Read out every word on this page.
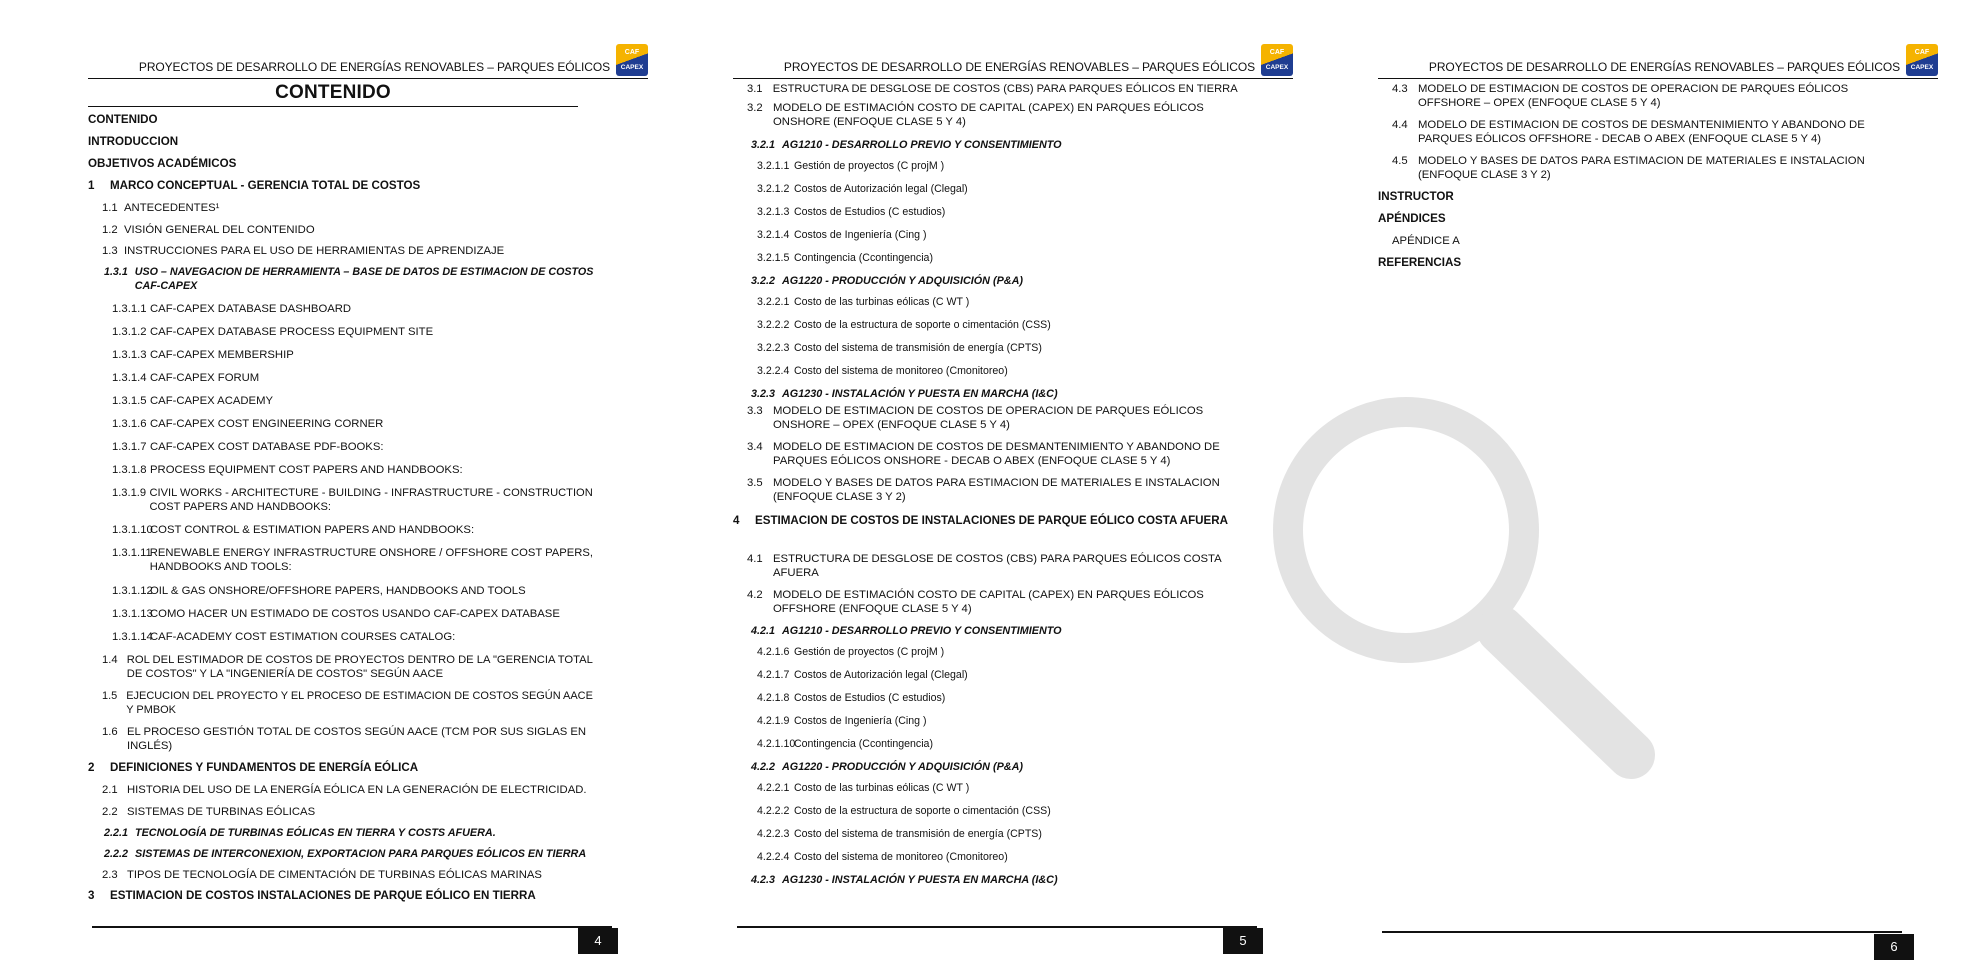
PROYECTOS DE DESARROLLO DE ENERGÍAS RENOVABLES – PARQUES EÓLICOS
CAF
CAPEX
CONTENIDO
CONTENIDO
INTRODUCCION
OBJETIVOS ACADÉMICOS
1 MARCO CONCEPTUAL - GERENCIA TOTAL DE COSTOS
1.1 ANTECEDENTES¹
1.2 VISIÓN GENERAL DEL CONTENIDO
1.3 INSTRUCCIONES PARA EL USO DE HERRAMIENTAS DE APRENDIZAJE
1.3.1 USO – NAVEGACION DE HERRAMIENTA – BASE DE DATOS DE ESTIMACION DE COSTOS
CAF-CAPEX
1.3.1.1 CAF-CAPEX DATABASE DASHBOARD
1.3.1.2 CAF-CAPEX DATABASE PROCESS EQUIPMENT SITE
1.3.1.3 CAF-CAPEX MEMBERSHIP
1.3.1.4 CAF-CAPEX FORUM
1.3.1.5 CAF-CAPEX ACADEMY
1.3.1.6 CAF-CAPEX COST ENGINEERING CORNER
1.3.1.7 CAF-CAPEX COST DATABASE PDF-BOOKS:
1.3.1.8 PROCESS EQUIPMENT COST PAPERS AND HANDBOOKS:
1.3.1.9 CIVIL WORKS - ARCHITECTURE - BUILDING - INFRASTRUCTURE - CONSTRUCTION
COST PAPERS AND HANDBOOKS:
1.3.1.10
COST CONTROL & ESTIMATION PAPERS AND HANDBOOKS:
1.3.1.11
RENEWABLE ENERGY INFRASTRUCTURE ONSHORE / OFFSHORE COST PAPERS,
HANDBOOKS AND TOOLS:
1.3.1.12
OIL & GAS ONSHORE/OFFSHORE PAPERS, HANDBOOKS AND TOOLS
1.3.1.13
COMO HACER UN ESTIMADO DE COSTOS USANDO CAF-CAPEX DATABASE
1.3.1.14
CAF-ACADEMY COST ESTIMATION COURSES CATALOG:
1.4 ROL DEL ESTIMADOR DE COSTOS DE PROYECTOS DENTRO DE LA "GERENCIA TOTAL
DE COSTOS" Y LA "INGENIERÍA DE COSTOS" SEGÚN AACE
1.5 EJECUCION DEL PROYECTO Y EL PROCESO DE ESTIMACION DE COSTOS SEGÚN AACE
Y PMBOK
1.6 EL PROCESO GESTIÓN TOTAL DE COSTOS SEGÚN AACE (TCM POR SUS SIGLAS EN
INGLÉS)
2 DEFINICIONES Y FUNDAMENTOS DE ENERGÍA EÓLICA
2.1 HISTORIA DEL USO DE LA ENERGÍA EÓLICA EN LA GENERACIÓN DE ELECTRICIDAD.
2.2 SISTEMAS DE TURBINAS EÓLICAS
2.2.1 TECNOLOGÍA DE TURBINAS EÓLICAS EN TIERRA Y COSTS AFUERA.
2.2.2 SISTEMAS DE INTERCONEXION, EXPORTACION PARA PARQUES EÓLICOS EN TIERRA
2.3 TIPOS DE TECNOLOGÍA DE CIMENTACIÓN DE TURBINAS EÓLICAS MARINAS
3 ESTIMACION DE COSTOS INSTALACIONES DE PARQUE EÓLICO EN TIERRA
4
PROYECTOS DE DESARROLLO DE ENERGÍAS RENOVABLES – PARQUES EÓLICOS
CAF
CAPEX
3.1 ESTRUCTURA DE DESGLOSE DE COSTOS (CBS) PARA PARQUES EÓLICOS EN TIERRA
3.2 MODELO DE ESTIMACIÓN COSTO DE CAPITAL (CAPEX) EN PARQUES EÓLICOS
ONSHORE (ENFOQUE CLASE 5 Y 4)
3.2.1 AG1210 - DESARROLLO PREVIO Y CONSENTIMIENTO
3.2.1.1 Gestión de proyectos (C projM )
3.2.1.2 Costos de Autorización legal (Clegal)
3.2.1.3 Costos de Estudios (C estudios)
3.2.1.4 Costos de Ingeniería (Cing )
3.2.1.5 Contingencia (Ccontingencia)
3.2.2 AG1220 - PRODUCCIÓN Y ADQUISICIÓN (P&A)
3.2.2.1 Costo de las turbinas eólicas (C WT )
3.2.2.2 Costo de la estructura de soporte o cimentación (CSS)
3.2.2.3 Costo del sistema de transmisión de energía (CPTS)
3.2.2.4 Costo del sistema de monitoreo (Cmonitoreo)
3.2.3 AG1230 - INSTALACIÓN Y PUESTA EN MARCHA (I&C)
3.3 MODELO DE ESTIMACION DE COSTOS DE OPERACION DE PARQUES EÓLICOS
ONSHORE – OPEX (ENFOQUE CLASE 5 Y 4)
3.4 MODELO DE ESTIMACION DE COSTOS DE DESMANTENIMIENTO Y ABANDONO DE
PARQUES EÓLICOS ONSHORE - DECAB O ABEX (ENFOQUE CLASE 5 Y 4)
3.5 MODELO Y BASES DE DATOS PARA ESTIMACION DE MATERIALES E INSTALACION
(ENFOQUE CLASE 3 Y 2)
4 ESTIMACION DE COSTOS DE INSTALACIONES DE PARQUE EÓLICO COSTA AFUERA
4.1 ESTRUCTURA DE DESGLOSE DE COSTOS (CBS) PARA PARQUES EÓLICOS COSTA
AFUERA
4.2 MODELO DE ESTIMACIÓN COSTO DE CAPITAL (CAPEX) EN PARQUES EÓLICOS
OFFSHORE (ENFOQUE CLASE 5 Y 4)
4.2.1 AG1210 - DESARROLLO PREVIO Y CONSENTIMIENTO
4.2.1.6 Gestión de proyectos (C projM )
4.2.1.7 Costos de Autorización legal (Clegal)
4.2.1.8 Costos de Estudios (C estudios)
4.2.1.9 Costos de Ingeniería (Cing )
4.2.1.10
Contingencia (Ccontingencia)
4.2.2 AG1220 - PRODUCCIÓN Y ADQUISICIÓN (P&A)
4.2.2.1 Costo de las turbinas eólicas (C WT )
4.2.2.2 Costo de la estructura de soporte o cimentación (CSS)
4.2.2.3 Costo del sistema de transmisión de energía (CPTS)
4.2.2.4 Costo del sistema de monitoreo (Cmonitoreo)
4.2.3 AG1230 - INSTALACIÓN Y PUESTA EN MARCHA (I&C)
5
PROYECTOS DE DESARROLLO DE ENERGÍAS RENOVABLES – PARQUES EÓLICOS
CAF
CAPEX
4.3 MODELO DE ESTIMACION DE COSTOS DE OPERACION DE PARQUES EÓLICOS
OFFSHORE – OPEX (ENFOQUE CLASE 5 Y 4)
4.4 MODELO DE ESTIMACION DE COSTOS DE DESMANTENIMIENTO Y ABANDONO DE
PARQUES EÓLICOS OFFSHORE - DECAB O ABEX (ENFOQUE CLASE 5 Y 4)
4.5 MODELO Y BASES DE DATOS PARA ESTIMACION DE MATERIALES E INSTALACION
(ENFOQUE CLASE 3 Y 2)
INSTRUCTOR
APÉNDICES
APÉNDICE A
REFERENCIAS
6
